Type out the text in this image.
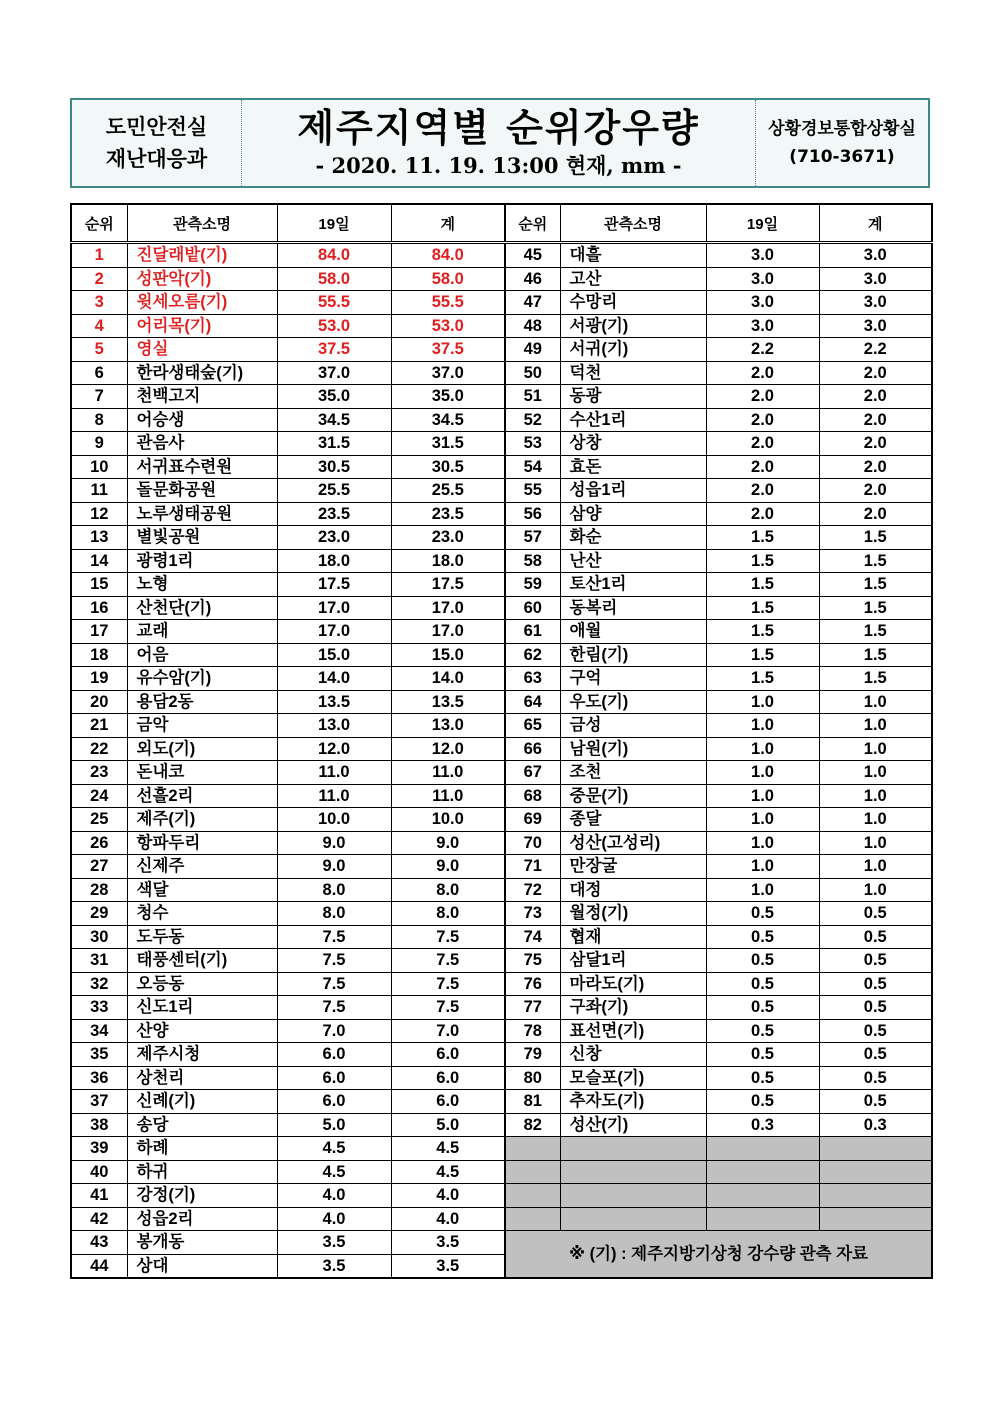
도민안전실
재난대응과
제주지역별 순위강우량
- 2020. 11. 19. 13:00 현재, mm -
상황경보통합상황실
(710-3671)
순위	관측소명	19일	계
1	진달래밭(기)	84.0	84.0
2	성판악(기)	58.0	58.0
3	윗세오름(기)	55.5	55.5
4	어리목(기)	53.0	53.0
5	영실	37.5	37.5
6	한라생태숲(기)	37.0	37.0
7	천백고지	35.0	35.0
8	어승생	34.5	34.5
9	관음사	31.5	31.5
10	서귀표수련원	30.5	30.5
11	돌문화공원	25.5	25.5
12	노루생태공원	23.5	23.5
13	별빛공원	23.0	23.0
14	광령1리	18.0	18.0
15	노형	17.5	17.5
16	산천단(기)	17.0	17.0
17	교래	17.0	17.0
18	어음	15.0	15.0
19	유수암(기)	14.0	14.0
20	용담2동	13.5	13.5
21	금악	13.0	13.0
22	외도(기)	12.0	12.0
23	돈내코	11.0	11.0
24	선흘2리	11.0	11.0
25	제주(기)	10.0	10.0
26	항파두리	9.0	9.0
27	신제주	9.0	9.0
28	색달	8.0	8.0
29	청수	8.0	8.0
30	도두동	7.5	7.5
31	태풍센터(기)	7.5	7.5
32	오등동	7.5	7.5
33	신도1리	7.5	7.5
34	산양	7.0	7.0
35	제주시청	6.0	6.0
36	상천리	6.0	6.0
37	신례(기)	6.0	6.0
38	송당	5.0	5.0
39	하례	4.5	4.5
40	하귀	4.5	4.5
41	강정(기)	4.0	4.0
42	성읍2리	4.0	4.0
43	봉개동	3.5	3.5
44	상대	3.5	3.5
순위	관측소명	19일	계
45	대흘	3.0	3.0
46	고산	3.0	3.0
47	수망리	3.0	3.0
48	서광(기)	3.0	3.0
49	서귀(기)	2.2	2.2
50	덕천	2.0	2.0
51	동광	2.0	2.0
52	수산1리	2.0	2.0
53	상창	2.0	2.0
54	효돈	2.0	2.0
55	성읍1리	2.0	2.0
56	삼양	2.0	2.0
57	화순	1.5	1.5
58	난산	1.5	1.5
59	토산1리	1.5	1.5
60	동복리	1.5	1.5
61	애월	1.5	1.5
62	한림(기)	1.5	1.5
63	구억	1.5	1.5
64	우도(기)	1.0	1.0
65	금성	1.0	1.0
66	남원(기)	1.0	1.0
67	조천	1.0	1.0
68	중문(기)	1.0	1.0
69	종달	1.0	1.0
70	성산(고성리)	1.0	1.0
71	만장굴	1.0	1.0
72	대정	1.0	1.0
73	월정(기)	0.5	0.5
74	협재	0.5	0.5
75	삼달1리	0.5	0.5
76	마라도(기)	0.5	0.5
77	구좌(기)	0.5	0.5
78	표선면(기)	0.5	0.5
79	신창	0.5	0.5
80	모슬포(기)	0.5	0.5
81	추자도(기)	0.5	0.5
82	성산(기)	0.3	0.3

※ (기) : 제주지방기상청 강수량 관측 자료			
